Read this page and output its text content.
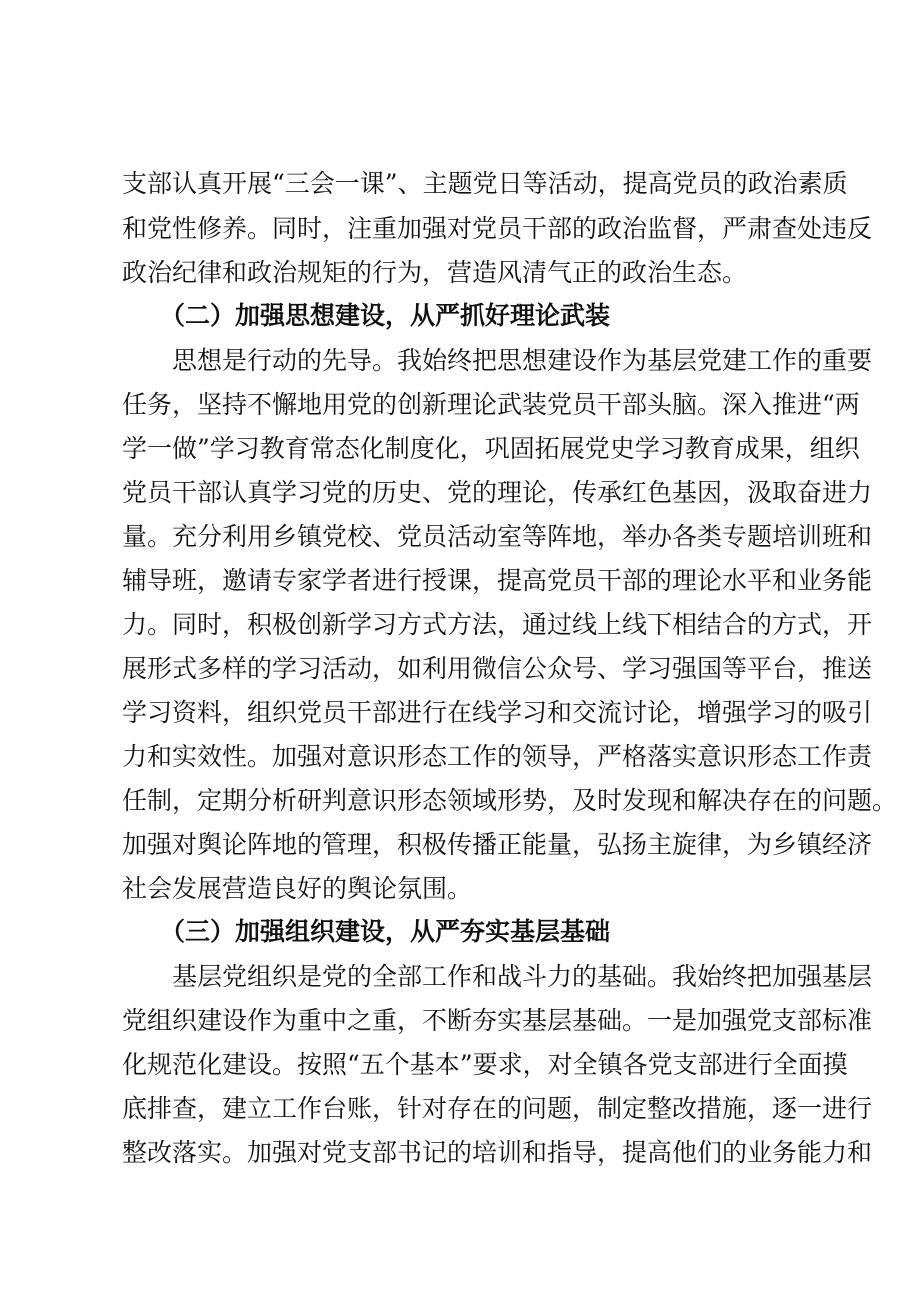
支部认真开展“三会一课”、主题党日等活动，提高党员的政治素质
和党性修养。同时，注重加强对党员干部的政治监督，严肃查处违反
政治纪律和政治规矩的行为，营造风清气正的政治生态。
（二）加强思想建设，从严抓好理论武装
思想是行动的先导。我始终把思想建设作为基层党建工作的重要
任务，坚持不懈地用党的创新理论武装党员干部头脑。深入推进“两
学一做”学习教育常态化制度化，巩固拓展党史学习教育成果，组织
党员干部认真学习党的历史、党的理论，传承红色基因，汲取奋进力
量。充分利用乡镇党校、党员活动室等阵地，举办各类专题培训班和
辅导班，邀请专家学者进行授课，提高党员干部的理论水平和业务能
力。同时，积极创新学习方式方法，通过线上线下相结合的方式，开
展形式多样的学习活动，如利用微信公众号、学习强国等平台，推送
学习资料，组织党员干部进行在线学习和交流讨论，增强学习的吸引
力和实效性。加强对意识形态工作的领导，严格落实意识形态工作责
任制，定期分析研判意识形态领域形势，及时发现和解决存在的问题。
加强对舆论阵地的管理，积极传播正能量，弘扬主旋律，为乡镇经济
社会发展营造良好的舆论氛围。
（三）加强组织建设，从严夯实基层基础
基层党组织是党的全部工作和战斗力的基础。我始终把加强基层
党组织建设作为重中之重，不断夯实基层基础。一是加强党支部标准
化规范化建设。按照“五个基本”要求，对全镇各党支部进行全面摸
底排查，建立工作台账，针对存在的问题，制定整改措施，逐一进行
整改落实。加强对党支部书记的培训和指导，提高他们的业务能力和
